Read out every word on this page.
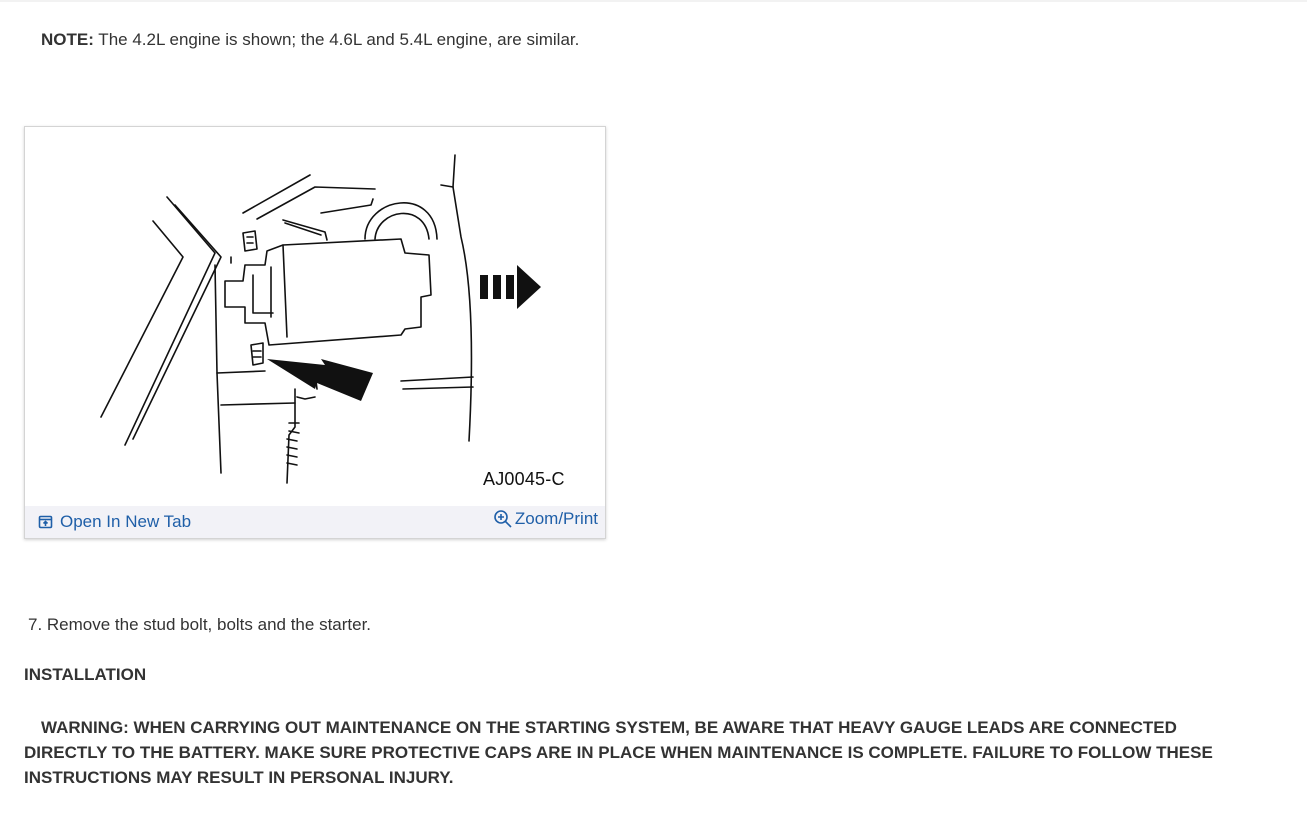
NOTE: The 4.2L engine is shown; the 4.6L and 5.4L engine, are similar.
AJ0045-C
Open In New Tab	Zoom/Print
7. Remove the stud bolt, bolts and the starter.
INSTALLATION
WARNING: WHEN CARRYING OUT MAINTENANCE ON THE STARTING SYSTEM, BE AWARE THAT HEAVY GAUGE LEADS ARE CONNECTED DIRECTLY TO THE BATTERY. MAKE SURE PROTECTIVE CAPS ARE IN PLACE WHEN MAINTENANCE IS COMPLETE. FAILURE TO FOLLOW THESE INSTRUCTIONS MAY RESULT IN PERSONAL INJURY.
